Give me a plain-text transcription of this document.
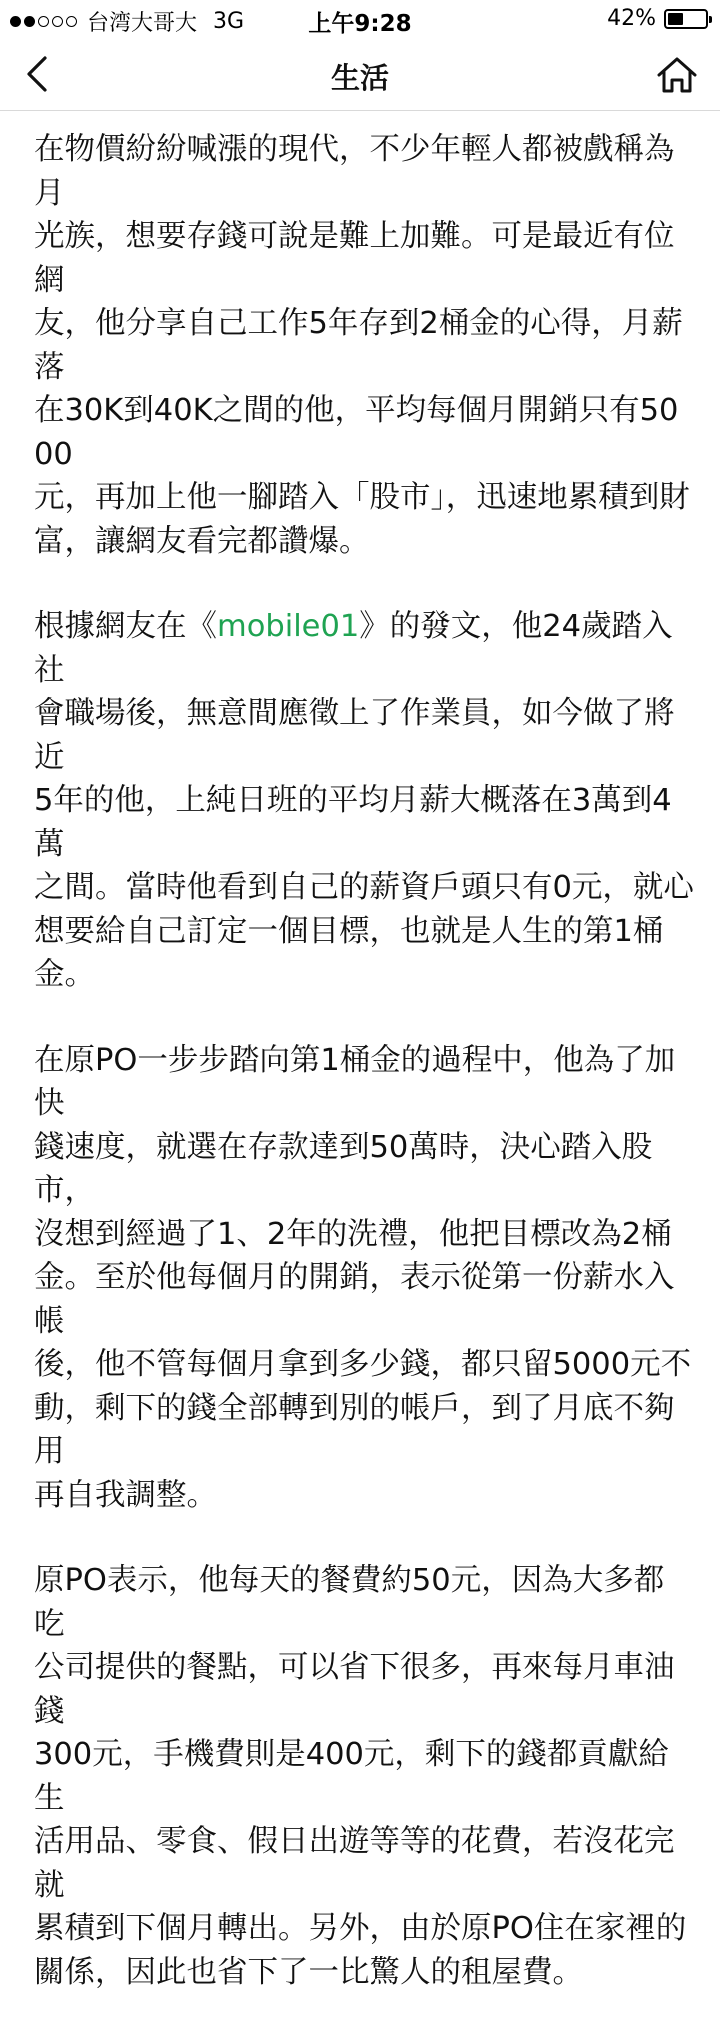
台湾大哥大 3G	上午9:28	42%
生活

在物價紛紛喊漲的現代，不少年輕人都被戲稱為月
光族，想要存錢可說是難上加難。可是最近有位網
友，他分享自己工作5年存到2桶金的心得，月薪落
在30K到40K之間的他，平均每個月開銷只有5000
元，再加上他一腳踏入「股市」，迅速地累積到財
富，讓網友看完都讚爆。

根據網友在《mobile01》的發文，他24歲踏入社
會職場後，無意間應徵上了作業員，如今做了將近
5年的他，上純日班的平均月薪大概落在3萬到4萬
之間。當時他看到自己的薪資戶頭只有0元，就心
想要給自己訂定一個目標，也就是人生的第1桶
金。

在原PO一步步踏向第1桶金的過程中，他為了加快
錢速度，就選在存款達到50萬時，決心踏入股市，
沒想到經過了1、2年的洗禮，他把目標改為2桶
金。至於他每個月的開銷，表示從第一份薪水入帳
後，他不管每個月拿到多少錢，都只留5000元不
動，剩下的錢全部轉到別的帳戶，到了月底不夠用
再自我調整。

原PO表示，他每天的餐費約50元，因為大多都吃
公司提供的餐點，可以省下很多，再來每月車油錢
300元，手機費則是400元，剩下的錢都貢獻給生
活用品、零食、假日出遊等等的花費，若沒花完就
累積到下個月轉出。另外，由於原PO住在家裡的
關係，因此也省下了一比驚人的租屋費。
